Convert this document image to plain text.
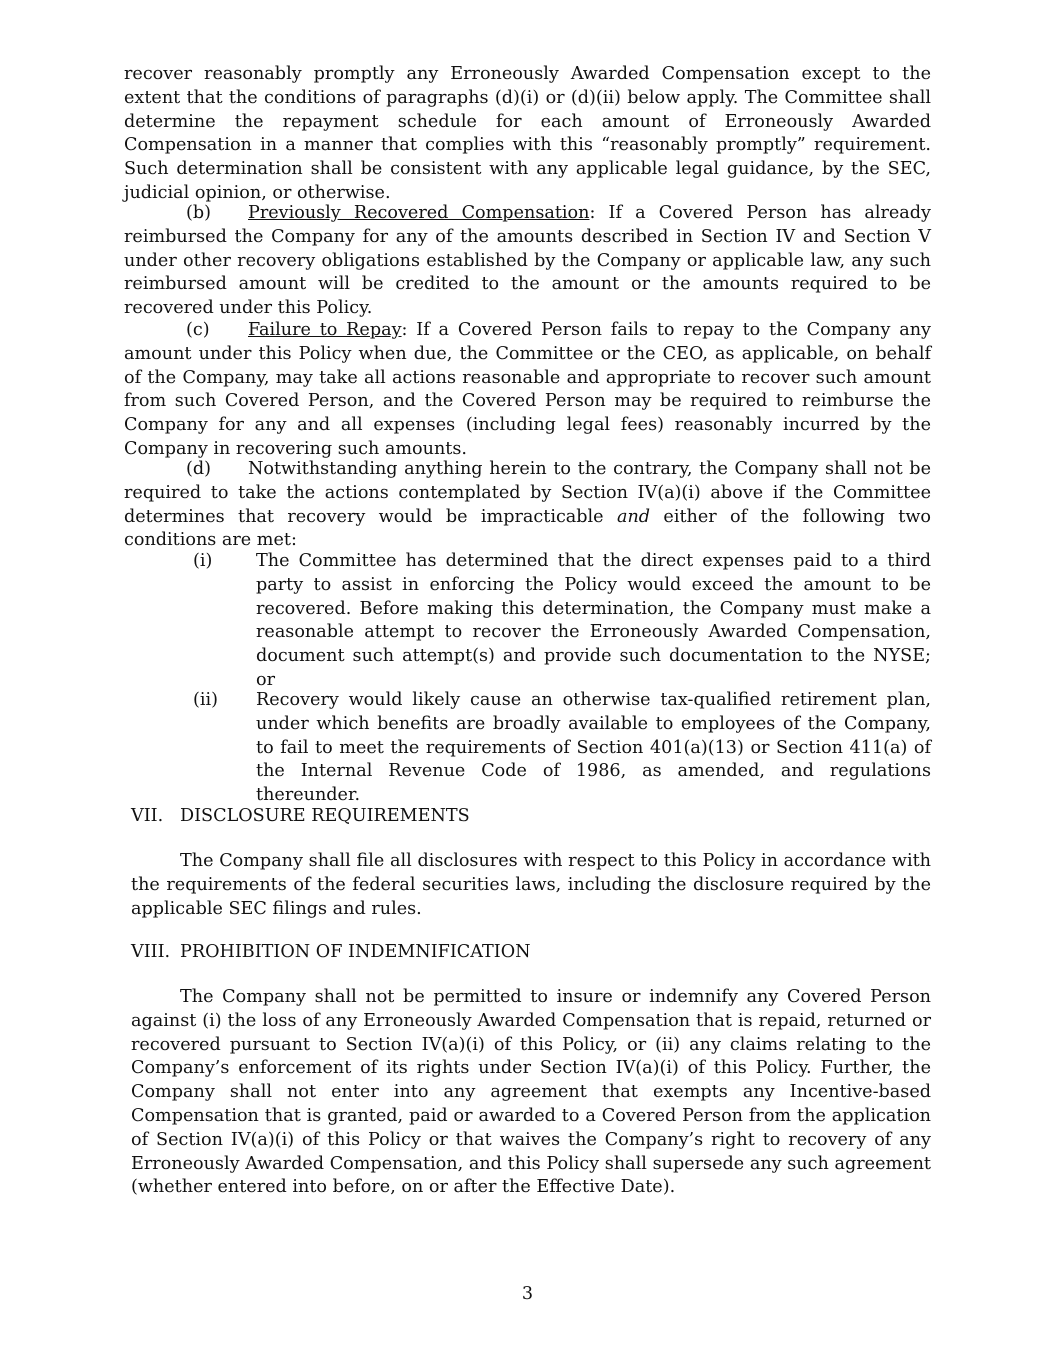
recover reasonably promptly any Erroneously Awarded Compensation except to the extent that the conditions of paragraphs (d)(i) or (d)(ii) below apply. The Committee shall determine the repayment schedule for each amount of Erroneously Awarded Compensation in a manner that complies with this “reasonably promptly” requirement. Such determination shall be consistent with any applicable legal guidance, by the SEC, judicial opinion, or otherwise.

(b) Previously Recovered Compensation: If a Covered Person has already reimbursed the Company for any of the amounts described in Section IV and Section V under other recovery obligations established by the Company or applicable law, any such reimbursed amount will be credited to the amount or the amounts required to be recovered under this Policy.

(c) Failure to Repay: If a Covered Person fails to repay to the Company any amount under this Policy when due, the Committee or the CEO, as applicable, on behalf of the Company, may take all actions reasonable and appropriate to recover such amount from such Covered Person, and the Covered Person may be required to reimburse the Company for any and all expenses (including legal fees) reasonably incurred by the Company in recovering such amounts.

(d) Notwithstanding anything herein to the contrary, the Company shall not be required to take the actions contemplated by Section IV(a)(i) above if the Committee determines that recovery would be impracticable and either of the following two conditions are met:

(i) The Committee has determined that the direct expenses paid to a third party to assist in enforcing the Policy would exceed the amount to be recovered. Before making this determination, the Company must make a reasonable attempt to recover the Erroneously Awarded Compensation, document such attempt(s) and provide such documentation to the NYSE; or
(ii) Recovery would likely cause an otherwise tax-qualified retirement plan, under which benefits are broadly available to employees of the Company, to fail to meet the requirements of Section 401(a)(13) or Section 411(a) of the Internal Revenue Code of 1986, as amended, and regulations thereunder.
VII. DISCLOSURE REQUIREMENTS

The Company shall file all disclosures with respect to this Policy in accordance with the requirements of the federal securities laws, including the disclosure required by the applicable SEC filings and rules.

VIII. PROHIBITION OF INDEMNIFICATION

The Company shall not be permitted to insure or indemnify any Covered Person against (i) the loss of any Erroneously Awarded Compensation that is repaid, returned or recovered pursuant to Section IV(a)(i) of this Policy, or (ii) any claims relating to the Company’s enforcement of its rights under Section IV(a)(i) of this Policy. Further, the Company shall not enter into any agreement that exempts any Incentive-based Compensation that is granted, paid or awarded to a Covered Person from the application of Section IV(a)(i) of this Policy or that waives the Company’s right to recovery of any Erroneously Awarded Compensation, and this Policy shall supersede any such agreement (whether entered into before, on or after the Effective Date).

3
